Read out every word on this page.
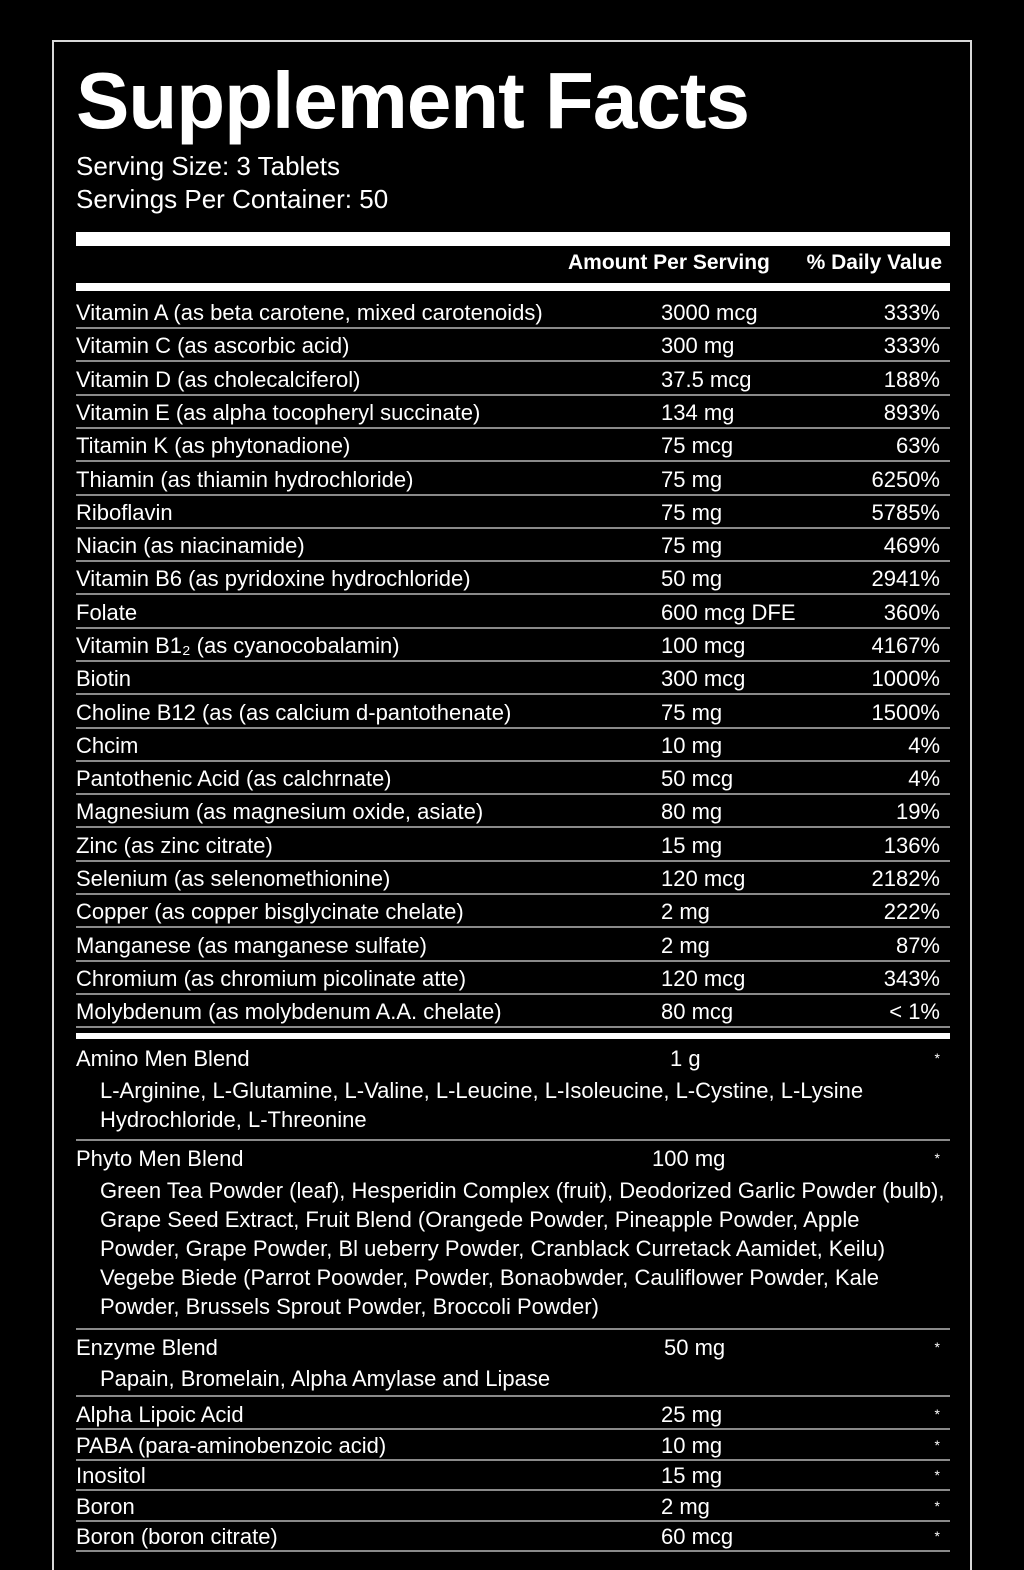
Supplement Facts
Serving Size: 3 Tablets
Servings Per Container: 50
Amount Per Serving % Daily Value
Vitamin A (as beta carotene, mixed carotenoids)	3000 mcg	333%
Vitamin C (as ascorbic acid)	300 mg	333%
Vitamin D (as cholecalciferol)	37.5 mcg	188%
Vitamin E (as alpha tocopheryl succinate)	134 mg	893%
Titamin K (as phytonadione)	75 mcg	63%
Thiamin (as thiamin hydrochloride)	75 mg	6250%
Riboflavin	75 mg	5785%
Niacin (as niacinamide)	75 mg	469%
Vitamin B6 (as pyridoxine hydrochloride)	50 mg	2941%
Folate	600 mcg DFE	360%
Vitamin B1₂ (as cyanocobalamin)	100 mcg	4167%
Biotin	300 mcg	1000%
Choline B12 (as (as calcium d-pantothenate)	75 mg	1500%
Chcim	10 mg	4%
Pantothenic Acid (as calchrnate)	50 mcg	4%
Magnesium (as magnesium oxide, asiate)	80 mg	19%
Zinc (as zinc citrate)	15 mg	136%
Selenium (as selenomethionine)	120 mcg	2182%
Copper (as copper bisglycinate chelate)	2 mg	222%
Manganese (as manganese sulfate)	2 mg	87%
Chromium (as chromium picolinate atte)	120 mcg	343%
Molybdenum (as molybdenum A.A. chelate)	80 mcg	< 1%
Amino Men Blend	1 g	*
L-Arginine, L-Glutamine, L-Valine, L-Leucine, L-Isoleucine, L-Cystine, L-Lysine Hydrochloride, L-Threonine
Phyto Men Blend	100 mg	*
Green Tea Powder (leaf), Hesperidin Complex (fruit), Deodorized Garlic Powder (bulb), Grape Seed Extract, Fruit Blend (Orangede Powder, Pineapple Powder, Apple Powder, Grape Powder, Bl ueberry Powder, Cranblack Curretack Aamidet, Keilu) Vegebe Biede (Parrot Poowder, Powder, Bonaobwder, Cauliflower Powder, Kale Powder, Brussels Sprout Powder, Broccoli Powder)
Enzyme Blend	50 mg	*
Papain, Bromelain, Alpha Amylase and Lipase
Alpha Lipoic Acid	25 mg	*
PABA (para-aminobenzoic acid)	10 mg	*
Inositol	15 mg	*
Boron	2 mg	*
Boron (boron citrate)	60 mcg	*
